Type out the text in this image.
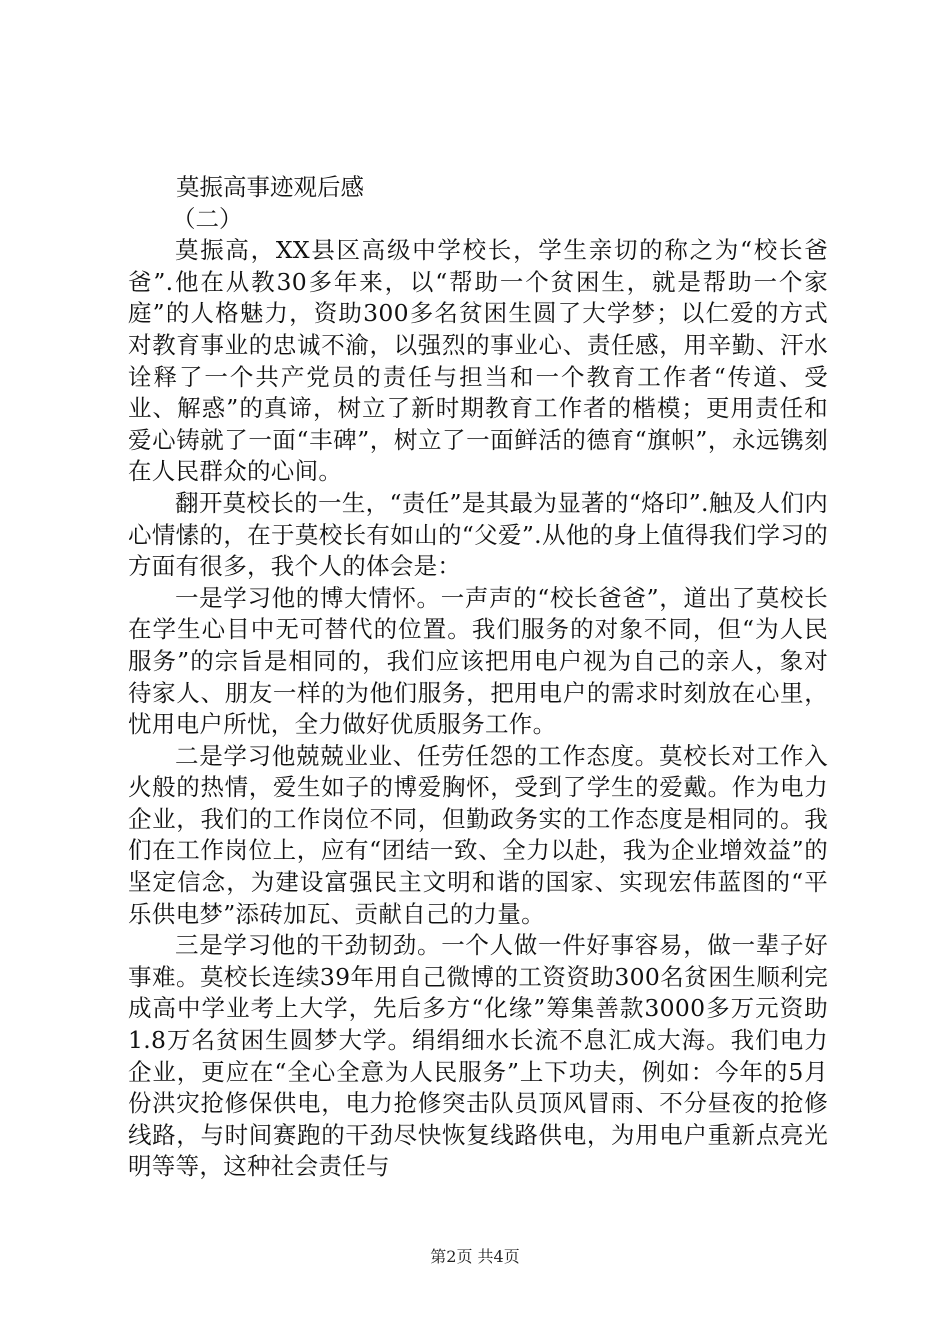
莫振高事迹观后感
（二）

莫振高，XX县区高级中学校长，学生亲切的称之为“校长爸爸”.他在从教30多年来，以“帮助一个贫困生，就是帮助一个家庭”的人格魅力，资助300多名贫困生圆了大学梦；以仁爱的方式对教育事业的忠诚不渝，以强烈的事业心、责任感，用辛勤、汗水诠释了一个共产党员的责任与担当和一个教育工作者“传道、受业、解惑”的真谛，树立了新时期教育工作者的楷模；更用责任和爱心铸就了一面“丰碑”，树立了一面鲜活的德育“旗帜”，永远镌刻在人民群众的心间。

翻开莫校长的一生，“责任”是其最为显著的“烙印”.触及人们内心情愫的，在于莫校长有如山的“父爱”.从他的身上值得我们学习的方面有很多，我个人的体会是：

一是学习他的博大情怀。一声声的“校长爸爸”，道出了莫校长在学生心目中无可替代的位置。我们服务的对象不同，但“为人民服务”的宗旨是相同的，我们应该把用电户视为自己的亲人，象对待家人、朋友一样的为他们服务，把用电户的需求时刻放在心里，忧用电户所忧，全力做好优质服务工作。

二是学习他兢兢业业、任劳任怨的工作态度。莫校长对工作入火般的热情，爱生如子的博爱胸怀，受到了学生的爱戴。作为电力企业，我们的工作岗位不同，但勤政务实的工作态度是相同的。我们在工作岗位上，应有“团结一致、全力以赴，我为企业增效益”的坚定信念，为建设富强民主文明和谐的国家、实现宏伟蓝图的“平乐供电梦”添砖加瓦、贡献自己的力量。

三是学习他的干劲韧劲。一个人做一件好事容易，做一辈子好事难。莫校长连续39年用自己微博的工资资助300名贫困生顺利完成高中学业考上大学，先后多方“化缘”筹集善款3000多万元资助1.8万名贫困生圆梦大学。绢绢细水长流不息汇成大海。我们电力企业，更应在“全心全意为人民服务”上下功夫，例如：今年的5月份洪灾抢修保供电，电力抢修突击队员顶风冒雨、不分昼夜的抢修线路，与时间赛跑的干劲尽快恢复线路供电，为用电户重新点亮光明等等，这种社会责任与

第2页 共4页
